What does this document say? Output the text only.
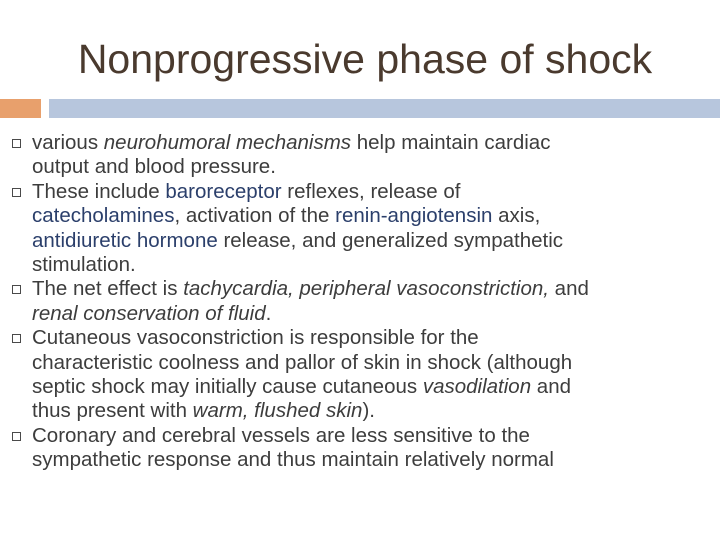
Nonprogressive phase of shock
various neurohumoral mechanisms help maintain cardiac
output and blood pressure.
These include baroreceptor reflexes, release of
catecholamines, activation of the renin-angiotensin axis,
antidiuretic hormone release, and generalized sympathetic
stimulation.
The net effect is tachycardia, peripheral vasoconstriction, and
renal conservation of fluid.
Cutaneous vasoconstriction is responsible for the
characteristic coolness and pallor of skin in shock (although
septic shock may initially cause cutaneous vasodilation and
thus present with warm, flushed skin).
Coronary and cerebral vessels are less sensitive to the
sympathetic response and thus maintain relatively normal
